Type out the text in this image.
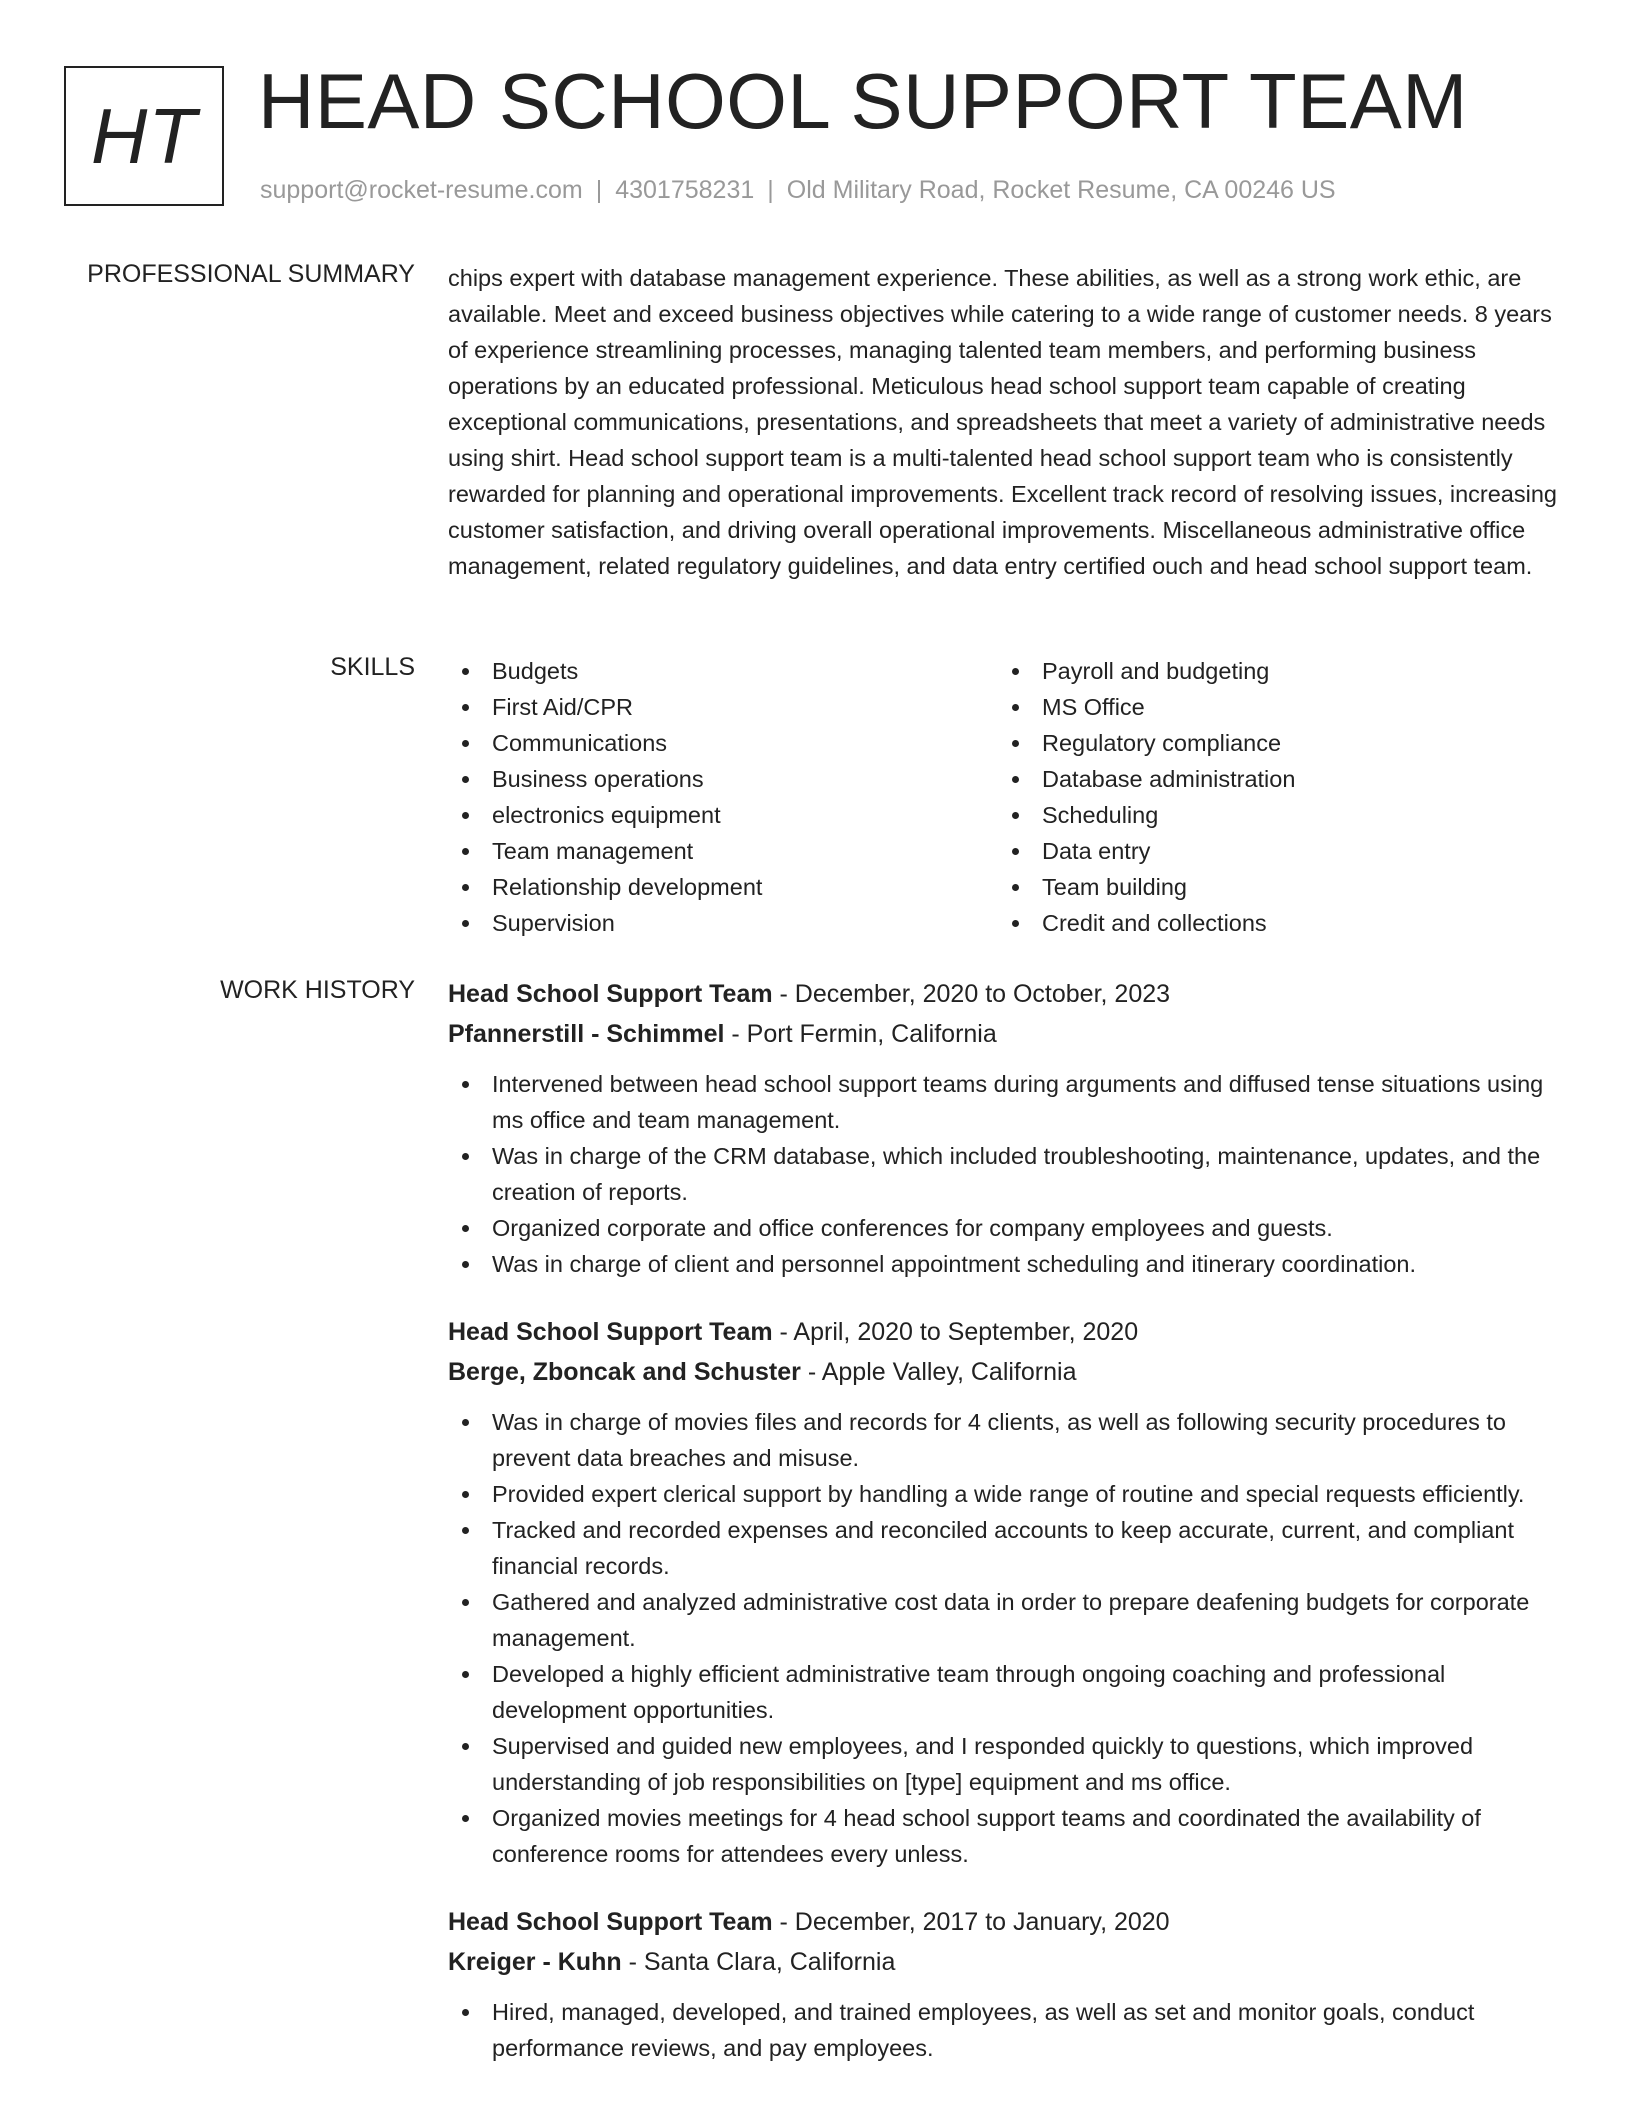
HT HEAD SCHOOL SUPPORT TEAM
support@rocket-resume.com | 4301758231 | Old Military Road, Rocket Resume, CA 00246 US
PROFESSIONAL SUMMARY chips expert with database management experience. These abilities, as well as a strong work ethic, are available. Meet and exceed business objectives while catering to a wide range of customer needs. 8 years of experience streamlining processes, managing talented team members, and performing business operations by an educated professional. Meticulous head school support team capable of creating exceptional communications, presentations, and spreadsheets that meet a variety of administrative needs using shirt. Head school support team is a multi-talented head school support team who is consistently rewarded for planning and operational improvements. Excellent track record of resolving issues, increasing customer satisfaction, and driving overall operational improvements. Miscellaneous administrative office management, related regulatory guidelines, and data entry certified ouch and head school support team.

SKILLS	Budgets
First Aid/CPR
Communications
Business operations
electronics equipment
Team management
Relationship development
Supervision
Payroll and budgeting
MS Office
Regulatory compliance
Database administration
Scheduling
Data entry
Team building
Credit and collections
WORK HISTORY Head School Support Team - December, 2020 to October, 2023
Pfannerstill - Schimmel - Port Fermin, California
Intervened between head school support teams during arguments and diffused tense situations using ms office and team management.
Was in charge of the CRM database, which included troubleshooting, maintenance, updates, and the creation of reports.
Organized corporate and office conferences for company employees and guests.
Was in charge of client and personnel appointment scheduling and itinerary coordination.
Head School Support Team - April, 2020 to September, 2020
Berge, Zboncak and Schuster - Apple Valley, California
Was in charge of movies files and records for 4 clients, as well as following security procedures to prevent data breaches and misuse.
Provided expert clerical support by handling a wide range of routine and special requests efficiently.
Tracked and recorded expenses and reconciled accounts to keep accurate, current, and compliant financial records.
Gathered and analyzed administrative cost data in order to prepare deafening budgets for corporate management.
Developed a highly efficient administrative team through ongoing coaching and professional development opportunities.
Supervised and guided new employees, and I responded quickly to questions, which improved understanding of job responsibilities on [type] equipment and ms office.
Organized movies meetings for 4 head school support teams and coordinated the availability of conference rooms for attendees every unless.
Head School Support Team - December, 2017 to January, 2020
Kreiger - Kuhn - Santa Clara, California
Hired, managed, developed, and trained employees, as well as set and monitor goals, conduct performance reviews, and pay employees.
